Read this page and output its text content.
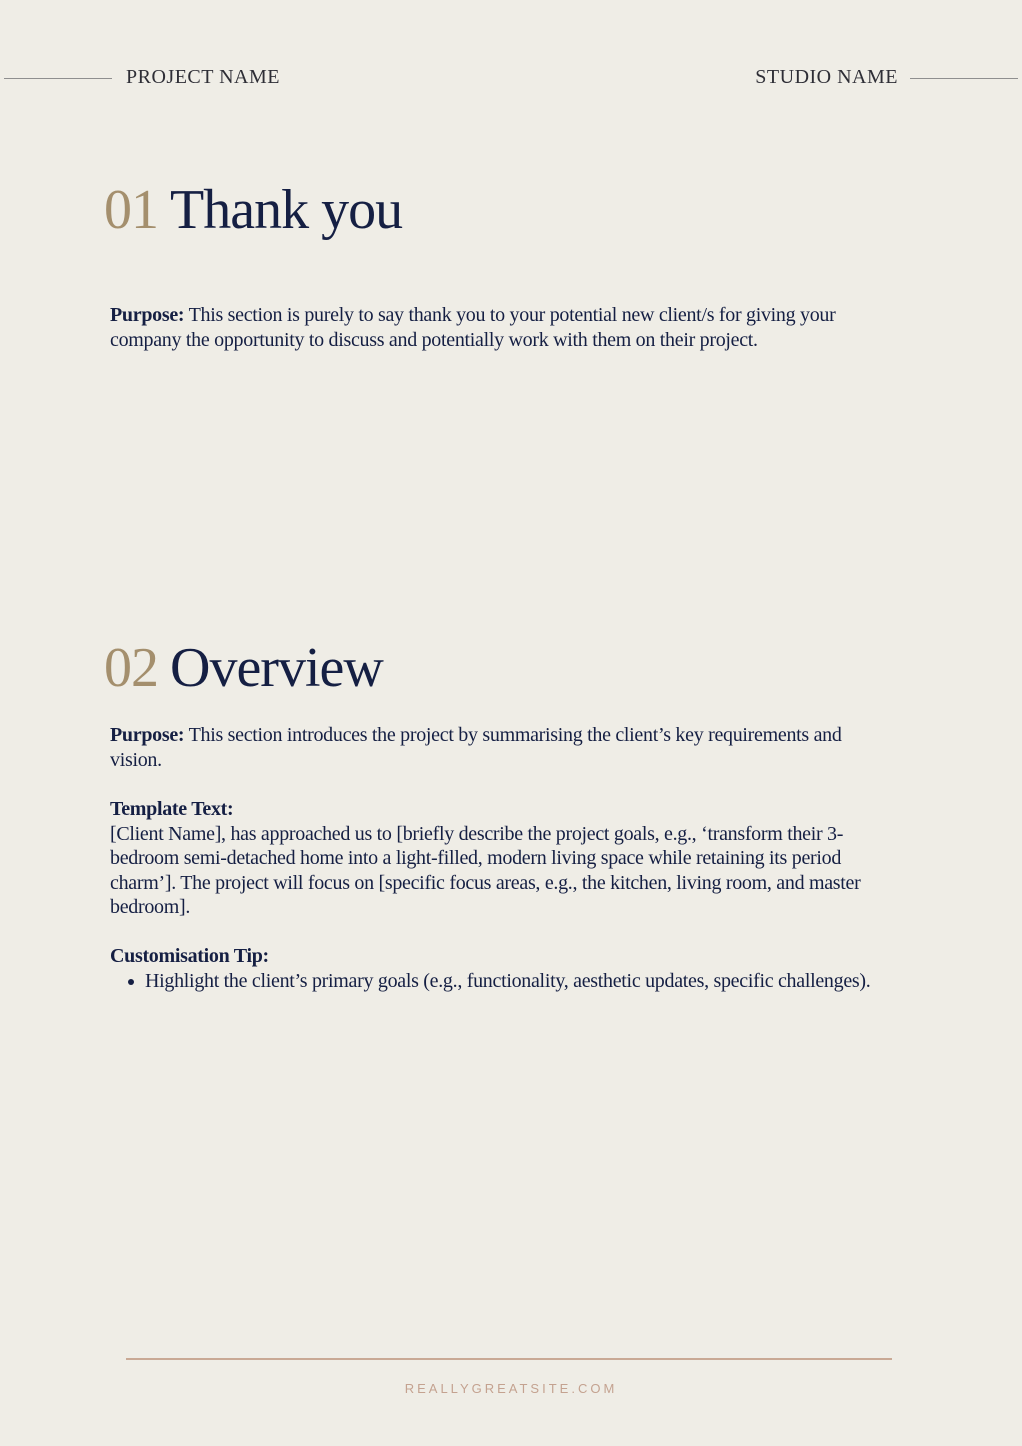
PROJECT NAME	STUDIO NAME
01 Thank you
Purpose: This section is purely to say thank you to your potential new client/s for giving your company the opportunity to discuss and potentially work with them on their project.
02 Overview
Purpose: This section introduces the project by summarising the client’s key requirements and vision.
Template Text:
[Client Name], has approached us to [briefly describe the project goals, e.g., ‘transform their 3-bedroom semi-detached home into a light-filled, modern living space while retaining its period charm’]. The project will focus on [specific focus areas, e.g., the kitchen, living room, and master bedroom].
Customisation Tip:
Highlight the client’s primary goals (e.g., functionality, aesthetic updates, specific challenges).
REALLYGREATSITE.COM
